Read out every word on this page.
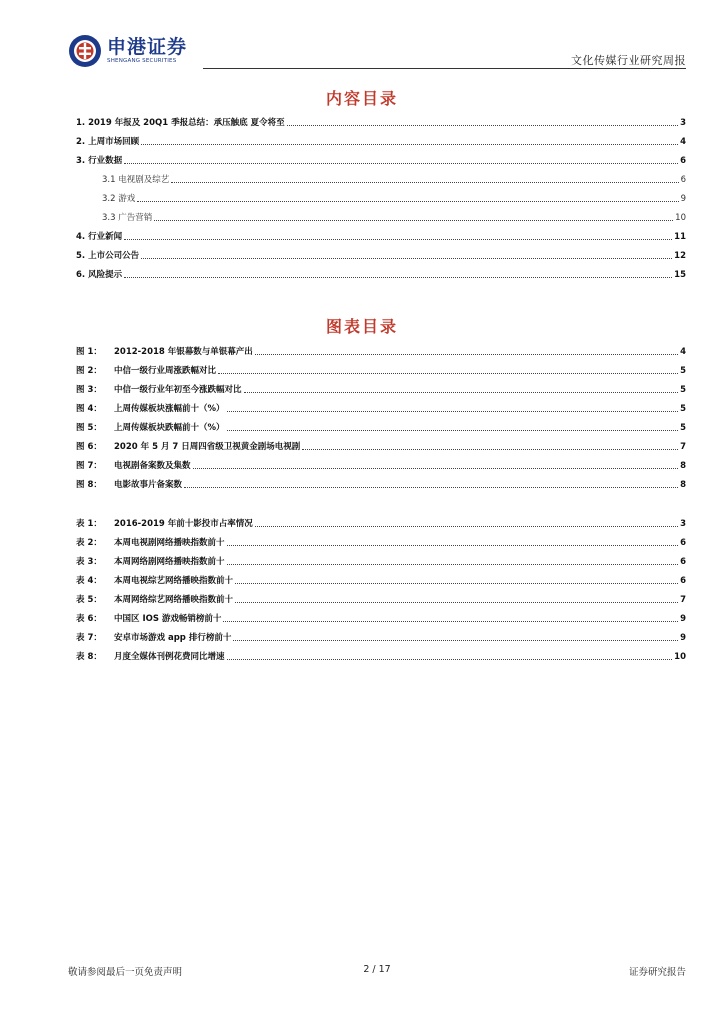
申港证券
SHENGANG SECURITIES	文化传媒行业研究周报
内容目录
1. 2019 年报及 20Q1 季报总结：承压触底 夏令将至	3
2. 上周市场回顾	4
3. 行业数据	6
3.1 电视剧及综艺	6
3.2 游戏	9
3.3 广告营销	10
4. 行业新闻	11
5. 上市公司公告	12
6. 风险提示	15
图表目录
图 1：	2012-2018 年银幕数与单银幕产出	4
图 2：	中信一级行业周涨跌幅对比	5
图 3：	中信一级行业年初至今涨跌幅对比	5
图 4：	上周传媒板块涨幅前十（%）	5
图 5：	上周传媒板块跌幅前十（%）	5
图 6：	2020 年 5 月 7 日周四省级卫视黄金剧场电视剧	7
图 7：	电视剧备案数及集数	8
图 8：	电影故事片备案数	8
表 1：	2016-2019 年前十影投市占率情况	3
表 2：	本周电视剧网络播映指数前十	6
表 3：	本周网络剧网络播映指数前十	6
表 4：	本周电视综艺网络播映指数前十	6
表 5：	本周网络综艺网络播映指数前十	7
表 6：	中国区 IOS 游戏畅销榜前十	9
表 7：	安卓市场游戏 app 排行榜前十	9
表 8：	月度全媒体刊例花费同比增速	10
敬请参阅最后一页免责声明	2 / 17	证券研究报告
